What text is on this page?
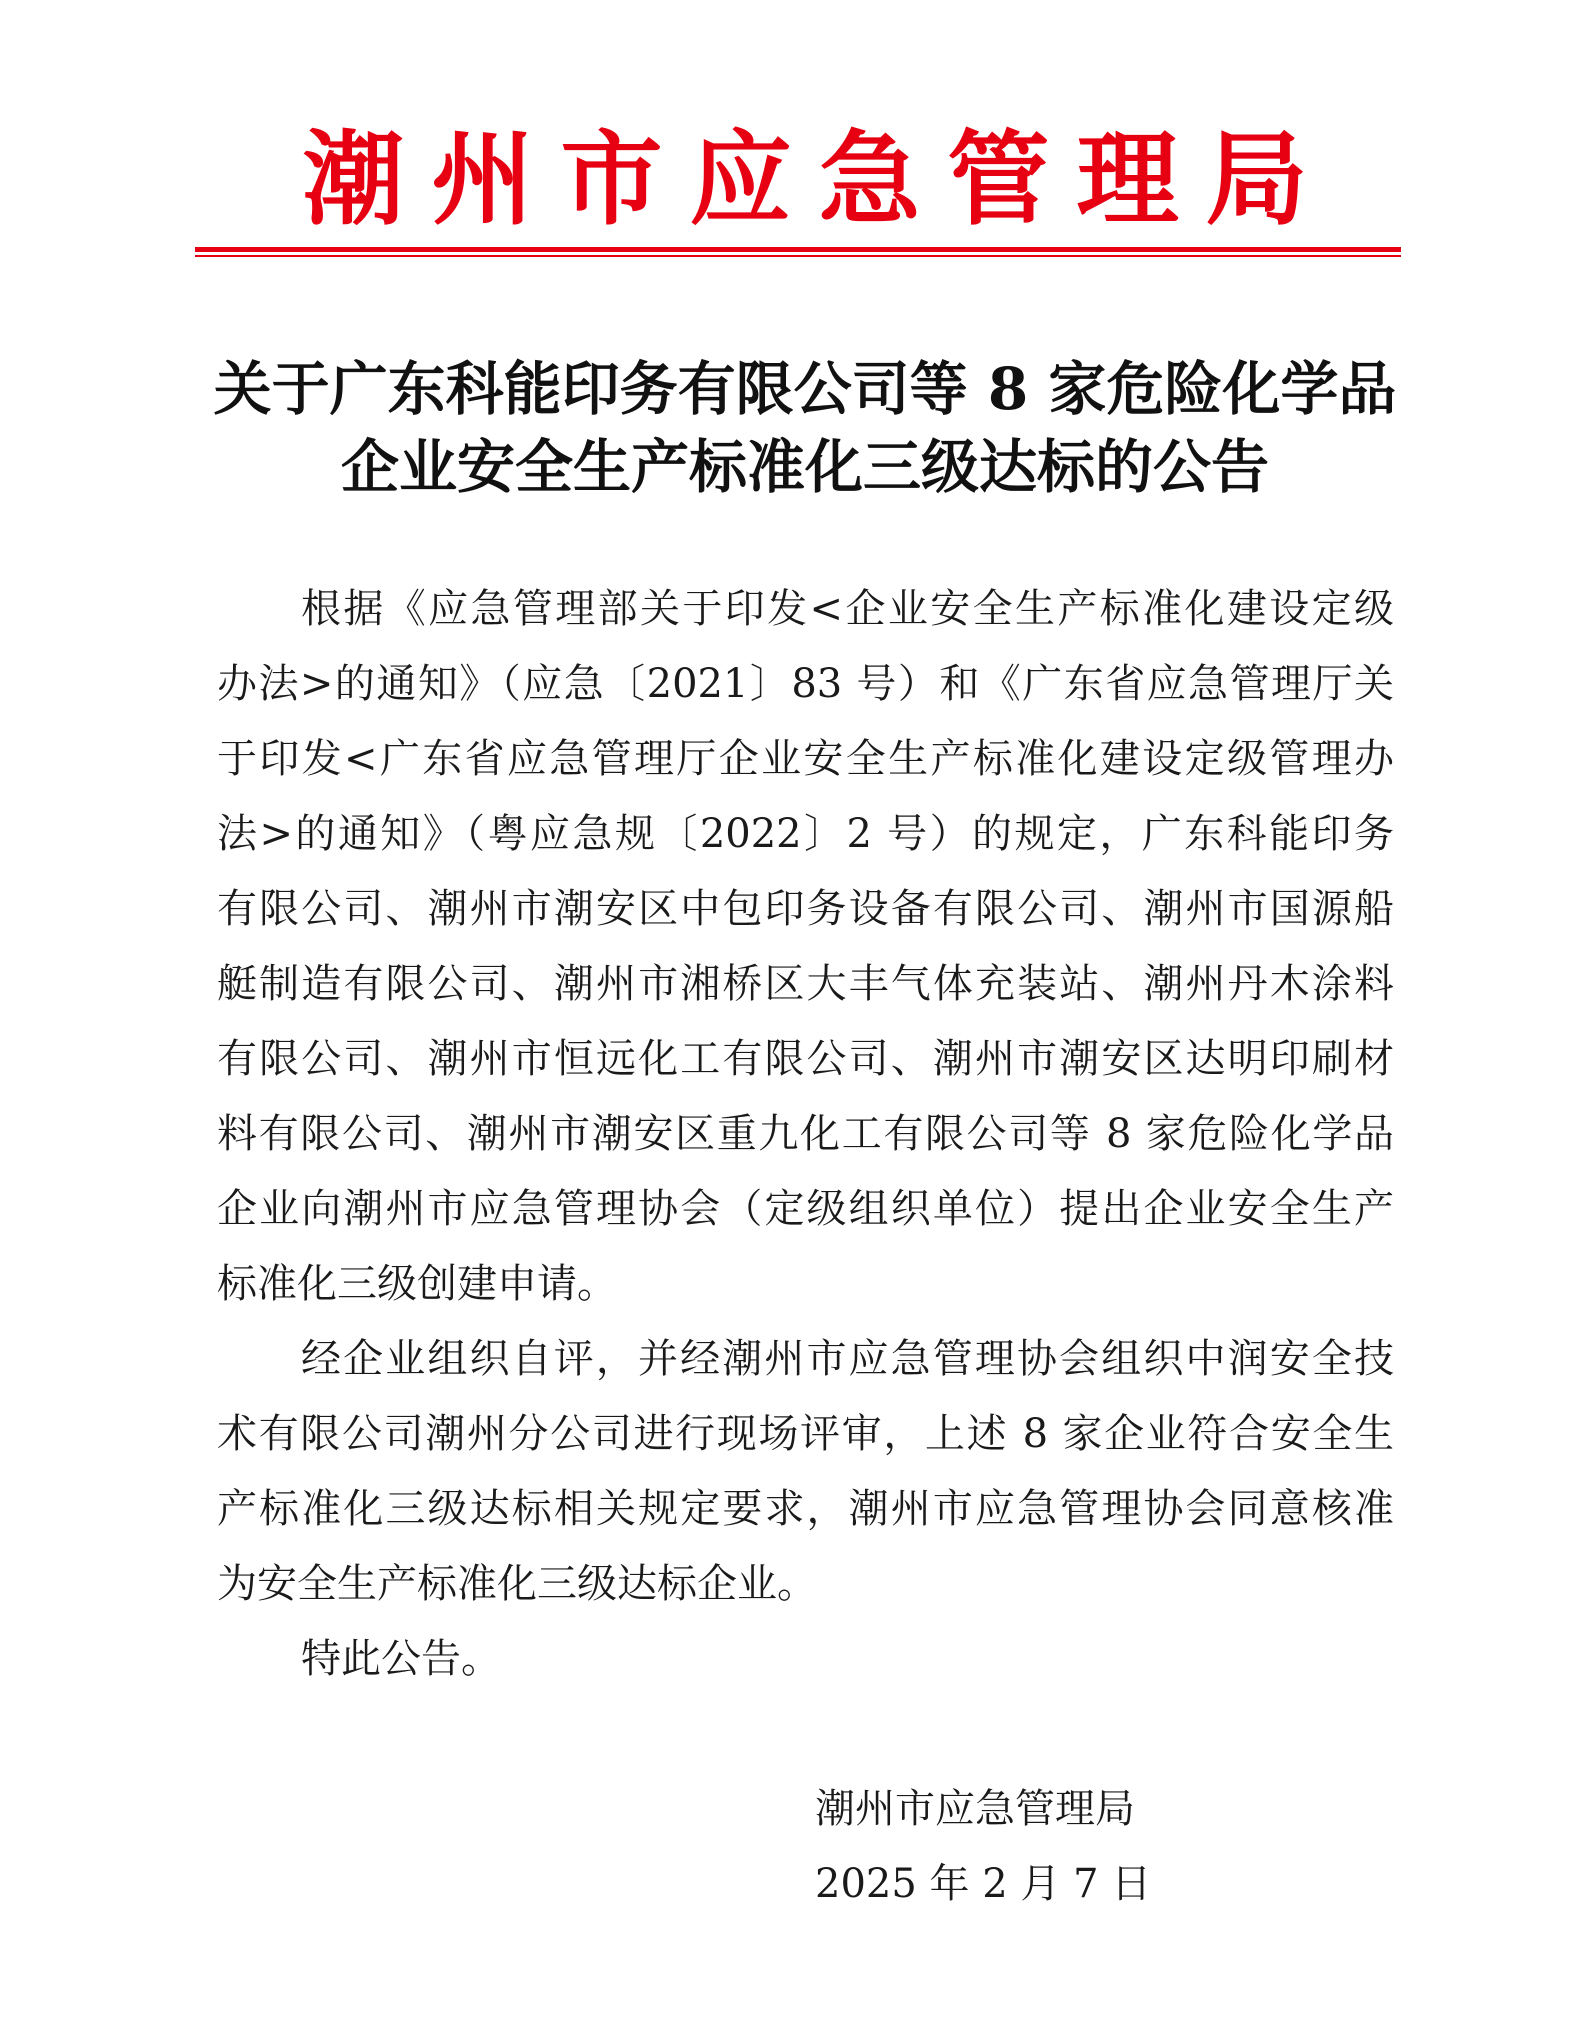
潮州市应急管理局
关于广东科能印务有限公司等 8 家危险化学品
企业安全生产标准化三级达标的公告
根据《应急管理部关于印发<企业安全生产标准化建设定级
办法>的通知》（应急〔2021〕83 号）和《广东省应急管理厅关
于印发<广东省应急管理厅企业安全生产标准化建设定级管理办
法>的通知》（粤应急规〔2022〕2 号）的规定，广东科能印务
有限公司、潮州市潮安区中包印务设备有限公司、潮州市国源船
艇制造有限公司、潮州市湘桥区大丰气体充装站、潮州丹木涂料
有限公司、潮州市恒远化工有限公司、潮州市潮安区达明印刷材
料有限公司、潮州市潮安区重九化工有限公司等 8 家危险化学品
企业向潮州市应急管理协会（定级组织单位）提出企业安全生产
标准化三级创建申请。
经企业组织自评，并经潮州市应急管理协会组织中润安全技
术有限公司潮州分公司进行现场评审，上述 8 家企业符合安全生
产标准化三级达标相关规定要求，潮州市应急管理协会同意核准
为安全生产标准化三级达标企业。
特此公告。
潮州市应急管理局
2025 年 2 月 7 日
